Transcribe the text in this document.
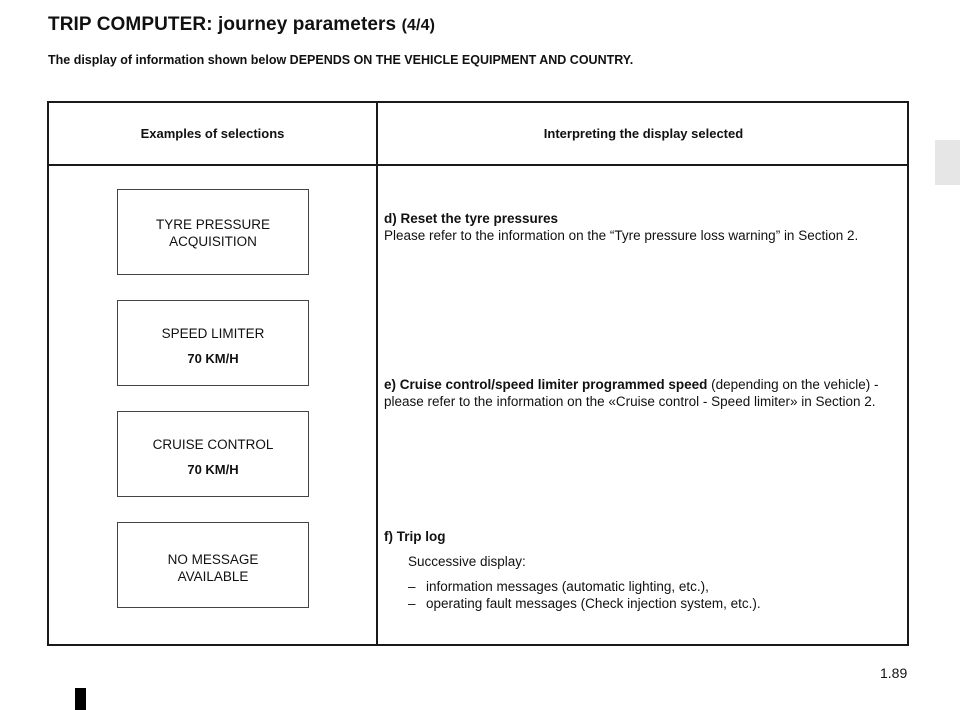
TRIP COMPUTER: journey parameters (4/4)
The display of information shown below DEPENDS ON THE VEHICLE EQUIPMENT AND COUNTRY.
Examples of selections	Interpreting the display selected
TYRE PRESSURE
ACQUISITION
SPEED LIMITER
70 KM/H
CRUISE CONTROL
70 KM/H
NO MESSAGE
AVAILABLE
d) Reset the tyre pressures
Please refer to the information on the “Tyre pressure loss warning” in Section 2.
e) Cruise control/speed limiter programmed speed (depending on the vehicle) - please refer to the information on the «Cruise control - Speed limiter» in Section 2.
f) Trip log
Successive display:
– information messages (automatic lighting, etc.),
– operating fault messages (Check injection system, etc.).
1.89
